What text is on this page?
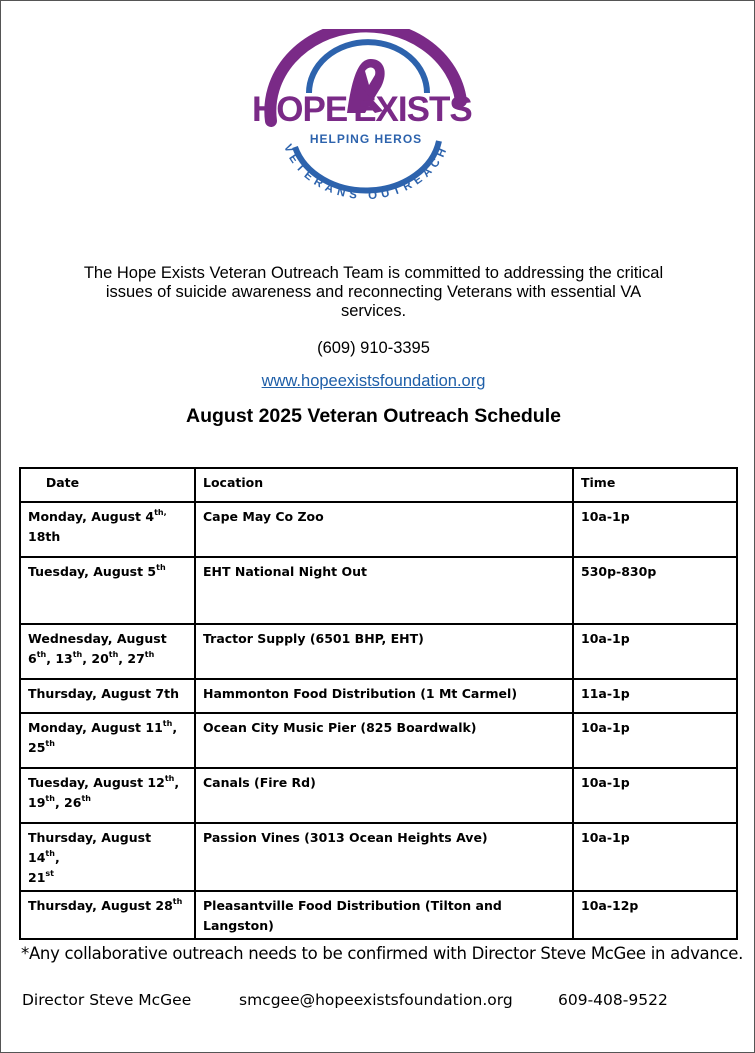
HOPE EXISTS
HELPING HEROS
VETERANS OUTREACH
The Hope Exists Veteran Outreach Team is committed to addressing the critical
issues of suicide awareness and reconnecting Veterans with essential VA
services.
(609) 910-3395
www.hopeexistsfoundation.org
August 2025 Veteran Outreach Schedule
Date	Location	Time
Monday, August $4^{th,}$
18th	Cape May Co Zoo	10a-1p
Tuesday, August 5th	EHT National Night Out	530p-830p
Wednesday, August
6th, 13th, 20th, 27th	Tractor Supply (6501 BHP, EHT)	10a-1p
Thursday, August 7th	Hammonton Food Distribution (1 Mt Carmel)	11a-1p
Monday, August 11th,
25th	Ocean City Music Pier (825 Boardwalk)	10a-1p
Tuesday, August 12th,
19th, 26th	Canals (Fire Rd)	10a-1p
Thursday, August 14th,
21st	Passion Vines (3013 Ocean Heights Ave)	10a-1p
Thursday, August 28th	Pleasantville Food Distribution (Tilton and Langston)	10a-12p
*Any collaborative outreach needs to be confirmed with Director Steve McGee in advance.
Director Steve McGee	smcgee@hopeexistsfoundation.org	609-408-9522
